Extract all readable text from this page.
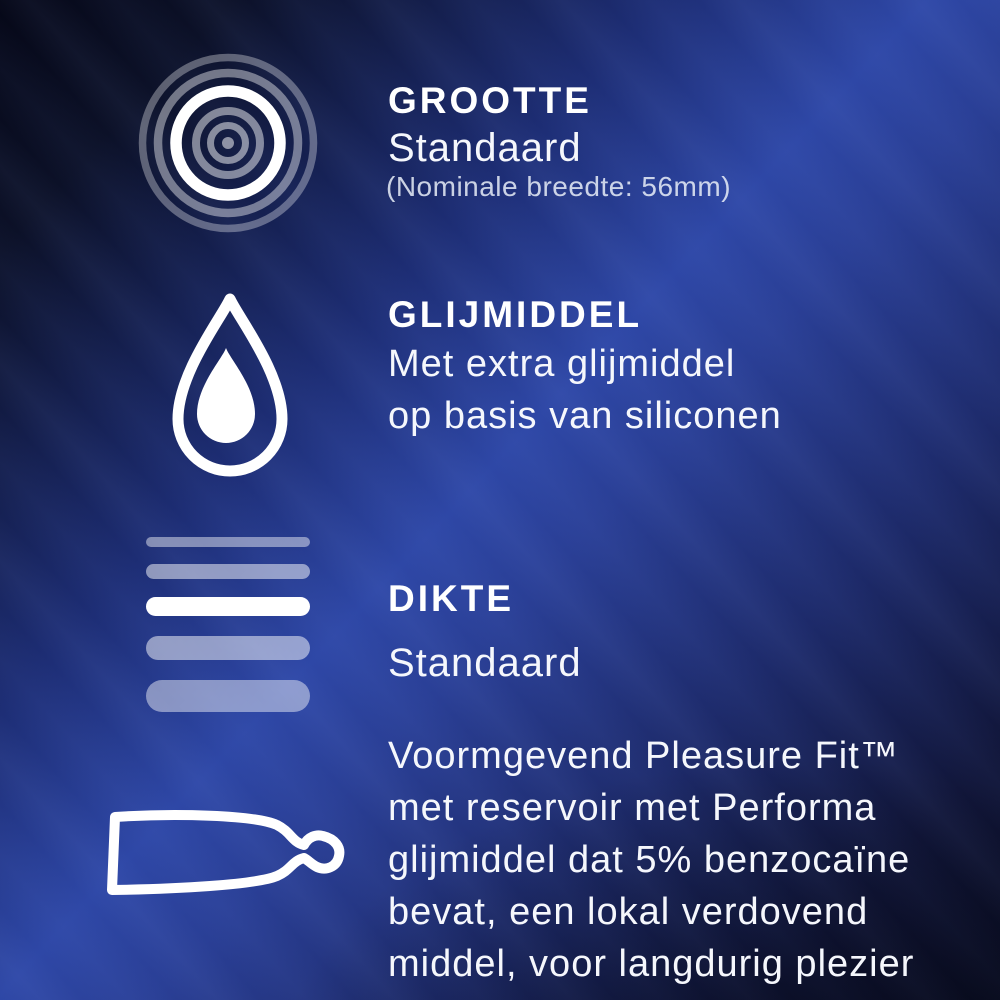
GROOTTE
Standaard
(Nominale breedte: 56mm)
GLIJMIDDEL
Met extra glijmiddel
op basis van siliconen
DIKTE
Standaard
Voormgevend Pleasure Fit™
met reservoir met Performa
glijmiddel dat 5% benzocaïne
bevat, een lokal verdovend
middel, voor langdurig plezier
